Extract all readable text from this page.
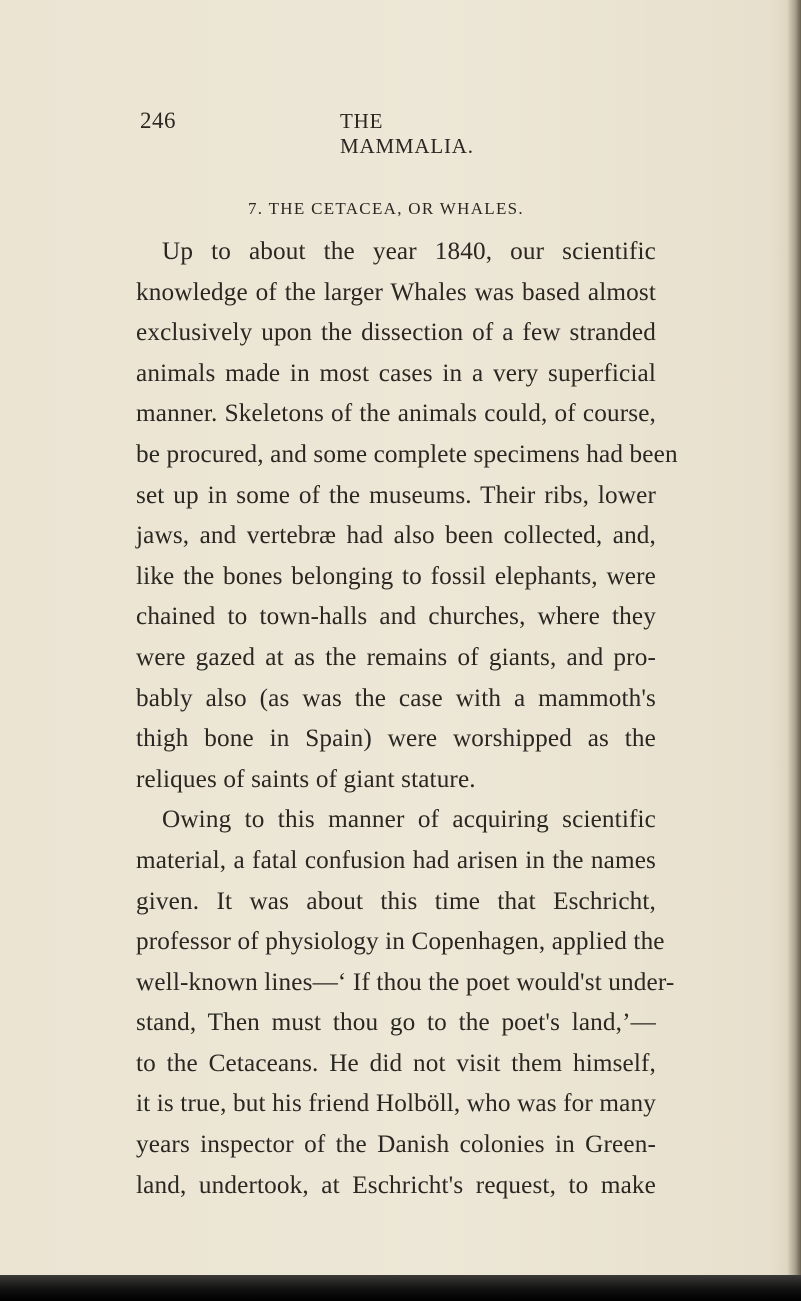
246	THE MAMMALIA.
7. THE CETACEA, OR WHALES.
Up to about the year 1840, our scientific
knowledge of the larger Whales was based almost
exclusively upon the dissection of a few stranded
animals made in most cases in a very superficial
manner. Skeletons of the animals could, of course,
be procured, and some complete specimens had been
set up in some of the museums. Their ribs, lower
jaws, and vertebræ had also been collected, and,
like the bones belonging to fossil elephants, were
chained to town-halls and churches, where they
were gazed at as the remains of giants, and pro-
bably also (as was the case with a mammoth's
thigh bone in Spain) were worshipped as the
reliques of saints of giant stature.
Owing to this manner of acquiring scientific
material, a fatal confusion had arisen in the names
given. It was about this time that Eschricht,
professor of physiology in Copenhagen, applied the
well-known lines—‘ If thou the poet would'st under-
stand, Then must thou go to the poet's land,’—
to the Cetaceans. He did not visit them himself,
it is true, but his friend Holböll, who was for many
years inspector of the Danish colonies in Green-
land, undertook, at Eschricht's request, to make
